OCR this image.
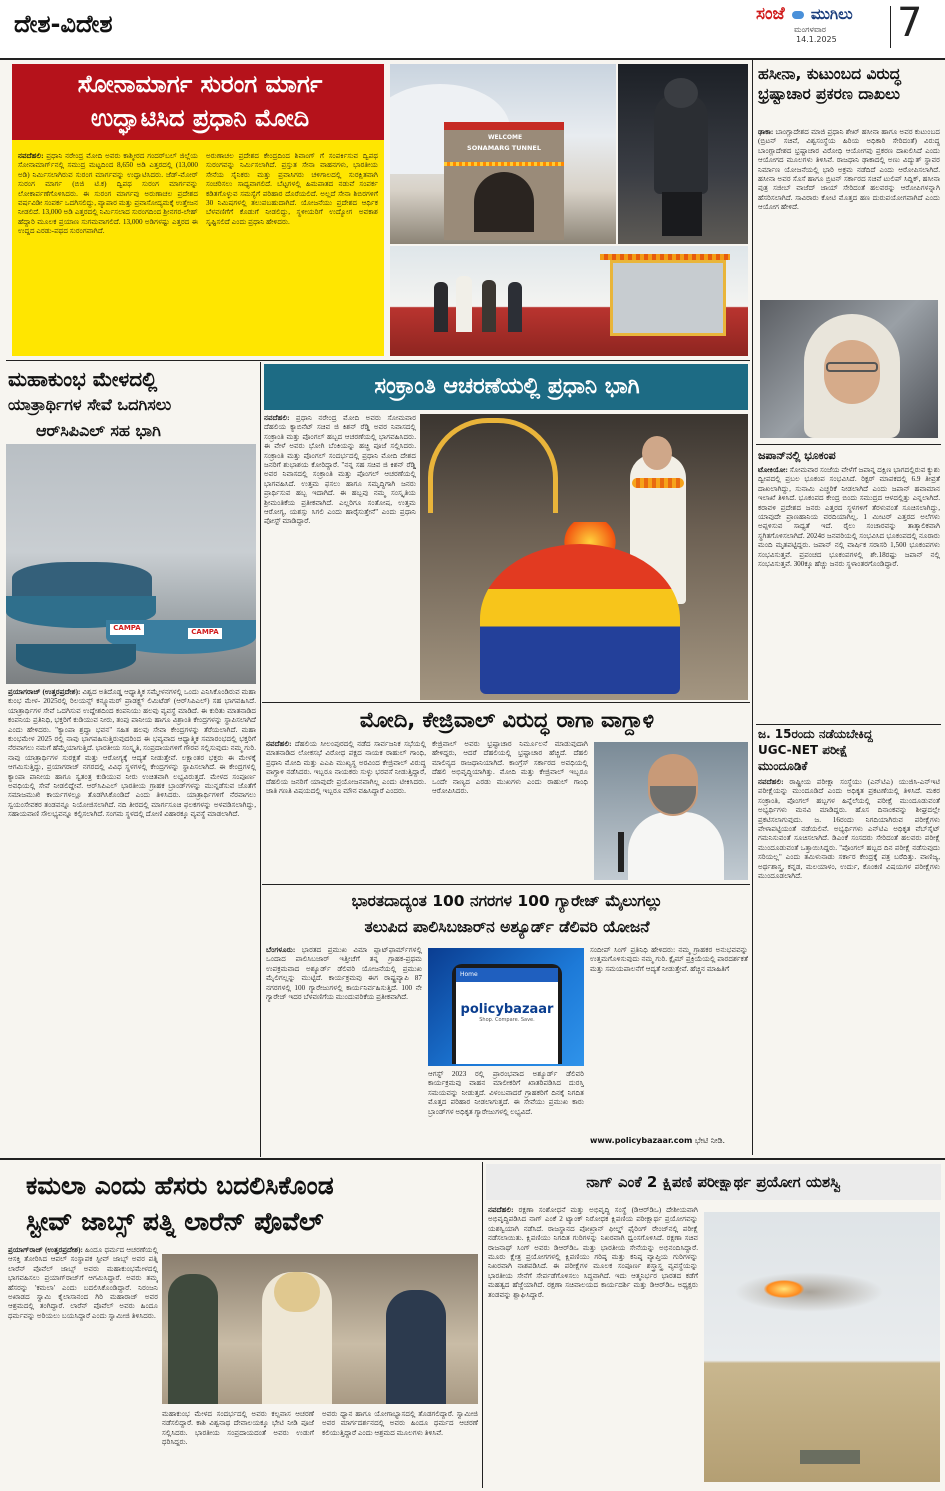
ದೇಶ-ವಿದೇಶ	ಸಂಜೆ ಮುಗಿಲು
ಮಂಗಳವಾರ
14.1.2025	7
ಸೋನಾಮಾರ್ಗ ಸುರಂಗ ಮಾರ್ಗ
ಉದ್ಘಾಟಿಸಿದ ಪ್ರಧಾನಿ ಮೋದಿ
ನವದೆಹಲಿ: ಪ್ರಧಾನಿ ನರೇಂದ್ರ ಮೋದಿ ಅವರು ಕಾಶ್ಮೀರದ ಗಂದರ್‌ಬಲ್ ಜಿಲ್ಲೆಯ ಸೋನಾಮಾರ್ಗ್‌ನಲ್ಲಿ ಸಮುದ್ರ ಮಟ್ಟದಿಂದ 8,650 ಅಡಿ ಎತ್ತರದಲ್ಲಿ (13,000 ಅಡಿ) ನಿರ್ಮಿಸಲಾಗಿರುವ ಸುರಂಗ ಮಾರ್ಗವನ್ನು ಉದ್ಘಾಟಿಸಿದರು. ಜೆಡ್-ಮೋರ್ ಸುರಂಗ ಮಾರ್ಗ (ಬಿಜಿ ಟಿ.ಕ) ದ್ವಿಪಥ ಸುರಂಗ ಮಾರ್ಗವನ್ನು ಲೋಕಾರ್ಪಣೆಗೊಳಿಸಿದರು. ಈ ಸುರಂಗ ಮಾರ್ಗವು ಅರುಣಾಚಲ ಪ್ರದೇಶದ ವರ್ಷವಿಡೀ ಸಂಪರ್ಕ ಒದಗಿಸಲಿದ್ದು, ವ್ಯಾಪಾರ ಮತ್ತು ಪ್ರವಾಸೋದ್ಯಮಕ್ಕೆ ಉತ್ತೇಜನ ನೀಡಲಿದೆ. 13,000 ಅಡಿ ಎತ್ತರದಲ್ಲಿ ನಿರ್ಮಿಸಲಾದ ಸುರಂಗದಿಂದ ಶ್ರೀನಗರ-ಲೇಹ್ ಹೆದ್ದಾರಿ ಮೂಲಕ ಪ್ರಯಾಣ ಸುಗಮವಾಗಲಿದೆ. 13,000 ಅಡಿಗಳಷ್ಟು ಎತ್ತರದ ಈ ಉದ್ದದ ಎರಡು-ಪಥದ ಸುರಂಗವಾಗಿದೆ.
ಅರುಣಾಚಲ ಪ್ರದೇಶದ ಕೇಂದ್ರದಿಂದ ಶಿವಾಂಗ್ ಗೆ ಸಂಪರ್ಕಿಸುವ ದ್ವಿಪಥ ಸುರಂಗವನ್ನು ನಿರ್ಮಿಸಲಾಗಿದೆ. ಪ್ರಸ್ತುತ ಸೇನಾ ವಾಹನಗಳು, ಭಾರತೀಯ ಸೇನೆಯ ಸೈನಿಕರು ಮತ್ತು ಪ್ರವಾಸಿಗರು ಚಳಿಗಾಲದಲ್ಲಿ ಸುರಕ್ಷಿತವಾಗಿ ಸಂಚರಿಸಲು ಸಾಧ್ಯವಾಗಲಿದೆ. ಬೆಟ್ಟಗಳಲ್ಲಿ ಹಿಮಪಾತದ ನಡುವೆ ಸಂಪರ್ಕ ಕಡಿತಗೊಳ್ಳುವ ಸಮಸ್ಯೆಗೆ ಪರಿಹಾರ ದೊರೆಯಲಿದೆ. ಅಲ್ಲದೆ ಸೇನಾ ಶಿಬಿರಗಳಿಗೆ 30 ನಿಮಿಷಗಳಲ್ಲಿ ತಲುಪಬಹುದಾಗಿದೆ. ಯೋಜನೆಯು ಪ್ರದೇಶದ ಆರ್ಥಿಕ ಬೆಳವಣಿಗೆಗೆ ಕೊಡುಗೆ ನೀಡಲಿದ್ದು, ಸ್ಥಳೀಯರಿಗೆ ಉದ್ಯೋಗ ಅವಕಾಶ ಸೃಷ್ಟಿಸಲಿದೆ ಎಂದು ಪ್ರಧಾನಿ ಹೇಳಿದರು.
WELCOME
SONAMARG TUNNEL
ಹಸೀನಾ, ಕುಟುಂಬದ ವಿರುದ್ಧ ಭ್ರಷ್ಟಾಚಾರ ಪ್ರಕರಣ ದಾಖಲು
ಢಾಕಾ: ಬಾಂಗ್ಲಾದೇಶದ ಮಾಜಿ ಪ್ರಧಾನಿ ಶೇಖ್ ಹಸೀನಾ ಹಾಗೂ ಅವರ ಕುಟುಂಬದ (ಬ್ರಿಟನ್ ಸಚಿವೆ, ವಿಶ್ವಸಂಸ್ಥೆಯ ಹಿರಿಯ ಅಧಿಕಾರಿ ಸೇರಿದಂತೆ) ವಿರುದ್ಧ ಬಾಂಗ್ಲಾದೇಶದ ಭ್ರಷ್ಟಾಚಾರ ವಿರೋಧಿ ಆಯೋಗವು ಪ್ರಕರಣ ದಾಖಲಿಸಿದೆ ಎಂದು ಆಯೋಗದ ಮೂಲಗಳು ತಿಳಿಸಿವೆ. ರಾಜಧಾನಿ ಢಾಕಾದಲ್ಲಿ ಅಣು ವಿದ್ಯುತ್ ಸ್ಥಾವರ ನಿರ್ಮಾಣ ಯೋಜನೆಯಲ್ಲಿ ಭಾರಿ ಅಕ್ರಮ ನಡೆದಿದೆ ಎಂದು ಆರೋಪಿಸಲಾಗಿದೆ. ಹಸೀನಾ ಅವರ ಸೊಸೆ ಹಾಗೂ ಬ್ರಿಟನ್ ಸರ್ಕಾರದ ಸಚಿವೆ ಟುಲಿಪ್ ಸಿದ್ದಿಕ್, ಹಸೀನಾ ಪುತ್ರ ಸಜೀಬ್ ವಾಜೆದ್ ಜಾಯ್ ಸೇರಿದಂತೆ ಹಲವರನ್ನು ಆರೋಪಿಗಳನ್ನಾಗಿ ಹೆಸರಿಸಲಾಗಿದೆ. ಸಾವಿರಾರು ಕೋಟಿ ಮೊತ್ತದ ಹಣ ದುರುಪಯೋಗವಾಗಿದೆ ಎಂದು ಆಯೋಗ ಹೇಳಿದೆ.
ಜಪಾನ್‌ನಲ್ಲಿ ಭೂಕಂಪ
ಟೋಕಿಯೋ: ಸೋಮವಾರ ಸಂಜೆಯ ವೇಳೆಗೆ ಜಪಾನ್ನ ದಕ್ಷಿಣ ಭಾಗದಲ್ಲಿರುವ ಕ್ಯುಶು ದ್ವೀಪದಲ್ಲಿ ಪ್ರಬಲ ಭೂಕಂಪ ಸಂಭವಿಸಿದೆ. ರಿಕ್ಟರ್ ಮಾಪಕದಲ್ಲಿ 6.9 ತೀವ್ರತೆ ದಾಖಲಾಗಿದ್ದು, ಸುನಾಮಿ ಎಚ್ಚರಿಕೆ ನೀಡಲಾಗಿದೆ ಎಂದು ಜಪಾನ್ ಹವಾಮಾನ ಇಲಾಖೆ ತಿಳಿಸಿದೆ. ಭೂಕಂಪದ ಕೇಂದ್ರ ಬಿಂದು ಸಮುದ್ರದ ಆಳದಲ್ಲಿತ್ತು ಎನ್ನಲಾಗಿದೆ. ಕರಾವಳಿ ಪ್ರದೇಶದ ಜನರು ಎತ್ತರದ ಸ್ಥಳಗಳಿಗೆ ತೆರಳುವಂತೆ ಸೂಚಿಸಲಾಗಿದ್ದು, ಯಾವುದೇ ಪ್ರಾಣಹಾನಿಯ ವರದಿಯಾಗಿಲ್ಲ. 1 ಮೀಟರ್ ಎತ್ತರದ ಅಲೆಗಳು ಅಪ್ಪಳಿಸುವ ಸಾಧ್ಯತೆ ಇದೆ. ರೈಲು ಸಂಚಾರವನ್ನು ತಾತ್ಕಾಲಿಕವಾಗಿ ಸ್ಥಗಿತಗೊಳಿಸಲಾಗಿದೆ. 2024ರ ಜನವರಿಯಲ್ಲಿ ಸಂಭವಿಸಿದ ಭೂಕಂಪದಲ್ಲಿ ನೂರಾರು ಮಂದಿ ಮೃತಪಟ್ಟಿದ್ದರು. ಜಪಾನ್ ನಲ್ಲಿ ವಾರ್ಷಿಕ ಸರಾಸರಿ 1,500 ಭೂಕಂಪಗಳು ಸಂಭವಿಸುತ್ತವೆ. ಪ್ರಪಂಚದ ಭೂಕಂಪಗಳಲ್ಲಿ ಶೇ.18ರಷ್ಟು ಜಪಾನ್ ನಲ್ಲಿ ಸಂಭವಿಸುತ್ತವೆ. 300ಕ್ಕೂ ಹೆಚ್ಚು ಜನರು ಸ್ಥಳಾಂತರಗೊಂಡಿದ್ದಾರೆ.
ಜ. 15ರಂದು ನಡೆಯಬೇಕಿದ್ದ
UGC-NET ಪರೀಕ್ಷೆ
ಮುಂದೂಡಿಕೆ
ನವದೆಹಲಿ: ರಾಷ್ಟ್ರೀಯ ಪರೀಕ್ಷಾ ಸಂಸ್ಥೆಯು (ಎನ್‌ಟಿಎ) ಯುಜಿಸಿ-ಎನ್‌ಇಟಿ ಪರೀಕ್ಷೆಯನ್ನು ಮುಂದೂಡಿದೆ ಎಂದು ಅಧಿಕೃತ ಪ್ರಕಟಣೆಯಲ್ಲಿ ತಿಳಿಸಿದೆ. ಮಕರ ಸಂಕ್ರಾಂತಿ, ಪೊಂಗಲ್ ಹಬ್ಬಗಳ ಹಿನ್ನೆಲೆಯಲ್ಲಿ ಪರೀಕ್ಷೆ ಮುಂದೂಡುವಂತೆ ಅಭ್ಯರ್ಥಿಗಳು ಮನವಿ ಮಾಡಿದ್ದರು. ಹೊಸ ದಿನಾಂಕವನ್ನು ಶೀಘ್ರದಲ್ಲೇ ಪ್ರಕಟಿಸಲಾಗುವುದು. ಜ. 16ರಂದು ನಿಗದಿಯಾಗಿರುವ ಪರೀಕ್ಷೆಗಳು ವೇಳಾಪಟ್ಟಿಯಂತೆ ನಡೆಯಲಿವೆ. ಅಭ್ಯರ್ಥಿಗಳು ಎನ್‌ಟಿಎ ಅಧಿಕೃತ ವೆಬ್‌ಸೈಟ್ ಗಮನಿಸುವಂತೆ ಸೂಚಿಸಲಾಗಿದೆ. ಡಿಎಂಕೆ ಸಂಸದರು ಸೇರಿದಂತೆ ಹಲವರು ಪರೀಕ್ಷೆ ಮುಂದೂಡುವಂತೆ ಒತ್ತಾಯಿಸಿದ್ದರು. "ಪೊಂಗಲ್ ಹಬ್ಬದ ದಿನ ಪರೀಕ್ಷೆ ನಡೆಸುವುದು ಸರಿಯಲ್ಲ" ಎಂದು ತಮಿಳುನಾಡು ಸರ್ಕಾರ ಕೇಂದ್ರಕ್ಕೆ ಪತ್ರ ಬರೆದಿತ್ತು. ವಾಣಿಜ್ಯ, ಅರ್ಥಶಾಸ್ತ್ರ, ಕನ್ನಡ, ಮಲಯಾಳಂ, ಉರ್ದು, ಕೊಂಕಣಿ ವಿಷಯಗಳ ಪರೀಕ್ಷೆಗಳು ಮುಂದೂಡಲಾಗಿದೆ.
ಮಹಾಕುಂಭ ಮೇಳದಲ್ಲಿ
ಯಾತ್ರಾರ್ಥಿಗಳ ಸೇವೆ ಒದಗಿಸಲು
ಆರ್‌ಸಿಪಿಎಲ್ ಸಹ ಭಾಗಿ
CAMPA	CAMPA
ಪ್ರಯಾಗರಾಜ್ (ಉತ್ತರಪ್ರದೇಶ): ವಿಶ್ವದ ಅತಿದೊಡ್ಡ ಆಧ್ಯಾತ್ಮಿಕ ಸಮ್ಮೇಳನಗಳಲ್ಲಿ ಒಂದು ಎನಿಸಿಕೊಂಡಿರುವ ಮಹಾ ಕುಂಭ ಮೇಳ- 2025ರಲ್ಲಿ ರಿಲಯನ್ಸ್ ಕನ್ಸ್ಯೂಮರ್ ಪ್ರಾಡಕ್ಟ್ಸ್ ಲಿಮಿಟೆಡ್ (ಆರ್‌ಸಿಪಿಎಲ್) ಸಹ ಭಾಗವಹಿಸಿದೆ. ಯಾತ್ರಾರ್ಥಿಗಳ ಸೇವೆ ಒದಗಿಸುವ ಉದ್ದೇಶದಿಂದ ಕಂಪನಿಯು ಹಲವು ವ್ಯವಸ್ಥೆ ಮಾಡಿದೆ. ಈ ಕುರಿತು ಮಾತನಾಡಿದ ಕಂಪನಿಯ ಪ್ರತಿನಿಧಿ, ಭಕ್ತರಿಗೆ ಕುಡಿಯುವ ನೀರು, ತಂಪು ಪಾನೀಯ ಹಾಗೂ ವಿಶ್ರಾಂತಿ ಕೇಂದ್ರಗಳನ್ನು ಸ್ಥಾಪಿಸಲಾಗಿದೆ ಎಂದು ಹೇಳಿದರು. "ಕ್ಯಾಂಪಾ ಶ್ರದ್ಧಾ ಭವನ" ಸಹಿತ ಹಲವು ಸೇವಾ ಕೇಂದ್ರಗಳನ್ನು ತೆರೆಯಲಾಗಿದೆ. ಮಹಾ ಕುಂಭಮೇಳ 2025 ರಲ್ಲಿ ನಾವು ಭಾಗವಹಿಸುತ್ತಿರುವುದರಿಂದ ಈ ಭವ್ಯವಾದ ಆಧ್ಯಾತ್ಮಿಕ ಸಮಾರಂಭದಲ್ಲಿ ಭಕ್ತರಿಗೆ ನೆರವಾಗಲು ನಮಗೆ ಹೆಮ್ಮೆಯಾಗುತ್ತಿದೆ. ಭಾರತೀಯ ಸಂಸ್ಕೃತಿ, ಸಂಪ್ರದಾಯಗಳಿಗೆ ಗೌರವ ಸಲ್ಲಿಸುವುದು ನಮ್ಮ ಗುರಿ. ನಾವು ಯಾತ್ರಾರ್ಥಿಗಳ ಸುರಕ್ಷತೆ ಮತ್ತು ಆರೋಗ್ಯಕ್ಕೆ ಆದ್ಯತೆ ನೀಡುತ್ತೇವೆ. ಲಕ್ಷಾಂತರ ಭಕ್ತರು ಈ ಮೇಳಕ್ಕೆ ಆಗಮಿಸುತ್ತಿದ್ದು, ಪ್ರಯಾಗರಾಜ್ ನಗರದಲ್ಲಿ ವಿವಿಧ ಸ್ಥಳಗಳಲ್ಲಿ ಕೇಂದ್ರಗಳನ್ನು ಸ್ಥಾಪಿಸಲಾಗಿದೆ. ಈ ಕೇಂದ್ರಗಳಲ್ಲಿ ಕ್ಯಾಂಪಾ ಪಾನೀಯ ಹಾಗೂ ಸ್ವತಂತ್ರ ಕುಡಿಯುವ ನೀರು ಉಚಿತವಾಗಿ ಲಭ್ಯವಿರುತ್ತದೆ. ಮೇಳದ ಸಂಪೂರ್ಣ ಅವಧಿಯಲ್ಲಿ ಸೇವೆ ನೀಡಲಿದ್ದೇವೆ. ಆರ್‌ಸಿಪಿಎಲ್ ಭಾರತೀಯ ಗ್ರಾಹಕ ಬ್ರಾಂಡ್‌ಗಳನ್ನು ಮುನ್ನಡೆಸುವ ಜೊತೆಗೆ ಸಮಾಜಮುಖಿ ಕಾರ್ಯಗಳಲ್ಲೂ ತೊಡಗಿಸಿಕೊಂಡಿದೆ ಎಂದು ತಿಳಿಸಿದರು. ಯಾತ್ರಾರ್ಥಿಗಳಿಗೆ ನೆರವಾಗಲು ಸ್ವಯಂಸೇವಕರ ತಂಡವನ್ನೂ ನಿಯೋಜಿಸಲಾಗಿದೆ. ನದಿ ತೀರದಲ್ಲಿ ಮಾರ್ಗಸೂಚಿ ಫಲಕಗಳನ್ನು ಅಳವಡಿಸಲಾಗಿದ್ದು, ಸಹಾಯವಾಣಿ ಸೌಲಭ್ಯವನ್ನೂ ಕಲ್ಪಿಸಲಾಗಿದೆ. ಸಂಗಮ ಸ್ಥಳದಲ್ಲಿ ದೋಣಿ ವಿಹಾರಕ್ಕೂ ವ್ಯವಸ್ಥೆ ಮಾಡಲಾಗಿದೆ.
ಸಂಕ್ರಾಂತಿ ಆಚರಣೆಯಲ್ಲಿ ಪ್ರಧಾನಿ ಭಾಗಿ
ನವದೆಹಲಿ: ಪ್ರಧಾನಿ ನರೇಂದ್ರ ಮೋದಿ ಅವರು ಸೋಮವಾರ ದೆಹಲಿಯ ಕ್ಯಾಬಿನೆಟ್ ಸಚಿವ ಜಿ ಕಿಶನ್ ರೆಡ್ಡಿ ಅವರ ನಿವಾಸದಲ್ಲಿ ಸಂಕ್ರಾಂತಿ ಮತ್ತು ಪೊಂಗಲ್ ಹಬ್ಬದ ಆಚರಣೆಯಲ್ಲಿ ಭಾಗವಹಿಸಿದರು. ಈ ವೇಳೆ ಅವರು ಭೋಗಿ ಬೆಂಕಿಯನ್ನು ಹಚ್ಚಿ ಪೂಜೆ ಸಲ್ಲಿಸಿದರು. ಸಂಕ್ರಾಂತಿ ಮತ್ತು ಪೊಂಗಲ್ ಸಂದರ್ಭದಲ್ಲಿ ಪ್ರಧಾನಿ ಮೋದಿ ದೇಶದ ಜನರಿಗೆ ಶುಭಾಶಯ ಕೋರಿದ್ದಾರೆ. "ನನ್ನ ಸಹ ಸಚಿವ ಜಿ ಕಿಶನ್ ರೆಡ್ಡಿ ಅವರ ನಿವಾಸದಲ್ಲಿ ಸಂಕ್ರಾಂತಿ ಮತ್ತು ಪೊಂಗಲ್ ಆಚರಣೆಯಲ್ಲಿ ಭಾಗವಹಿಸಿದೆ. ಉತ್ತಮ ಫಸಲು ಹಾಗೂ ಸಮೃದ್ಧಿಗಾಗಿ ಜನರು ಪ್ರಾರ್ಥಿಸುವ ಹಬ್ಬ ಇದಾಗಿದೆ. ಈ ಹಬ್ಬವು ನಮ್ಮ ಸಂಸ್ಕೃತಿಯ ಶ್ರೀಮಂತಿಕೆಯ ಪ್ರತೀಕವಾಗಿದೆ. ಎಲ್ಲರಿಗೂ ಸಂತೋಷ, ಉತ್ತಮ ಆರೋಗ್ಯ, ಯಶಸ್ಸು ಸಿಗಲಿ ಎಂದು ಹಾರೈಸುತ್ತೇನೆ" ಎಂದು ಪ್ರಧಾನಿ ಪೋಸ್ಟ್ ಮಾಡಿದ್ದಾರೆ.
ಮೋದಿ, ಕೇಜ್ರಿವಾಲ್ ವಿರುದ್ಧ ರಾಗಾ ವಾಗ್ದಾಳಿ
ನವದೆಹಲಿ: ದೆಹಲಿಯ ಸೀಲಂಪುರದಲ್ಲಿ ನಡೆದ ಸಾರ್ವಜನಿಕ ಸಭೆಯಲ್ಲಿ ಮಾತನಾಡಿದ ಲೋಕಸಭೆ ವಿರೋಧ ಪಕ್ಷದ ನಾಯಕ ರಾಹುಲ್ ಗಾಂಧಿ, ಪ್ರಧಾನಿ ಮೋದಿ ಮತ್ತು ಎಎಪಿ ಮುಖ್ಯಸ್ಥ ಅರವಿಂದ ಕೇಜ್ರಿವಾಲ್ ವಿರುದ್ಧ ವಾಗ್ದಾಳಿ ನಡೆಸಿದರು. ಇಬ್ಬರೂ ನಾಯಕರು ಸುಳ್ಳು ಭರವಸೆ ನೀಡುತ್ತಿದ್ದಾರೆ, ದೆಹಲಿಯ ಜನರಿಗೆ ಯಾವುದೇ ಪ್ರಯೋಜನವಾಗಿಲ್ಲ ಎಂದು ಟೀಕಿಸಿದರು. ಜಾತಿ ಗಣತಿ ವಿಷಯದಲ್ಲಿ ಇಬ್ಬರೂ ಮೌನ ವಹಿಸಿದ್ದಾರೆ ಎಂದರು.
ಕೇಜ್ರಿವಾಲ್ ಅವರು ಭ್ರಷ್ಟಾಚಾರ ನಿರ್ಮೂಲನೆ ಮಾಡುವುದಾಗಿ ಹೇಳಿದ್ದರು, ಆದರೆ ದೆಹಲಿಯಲ್ಲಿ ಭ್ರಷ್ಟಾಚಾರ ಹೆಚ್ಚಿದೆ. ದೆಹಲಿ ಮಾಲಿನ್ಯದ ರಾಜಧಾನಿಯಾಗಿದೆ. ಕಾಂಗ್ರೆಸ್ ಸರ್ಕಾರದ ಅವಧಿಯಲ್ಲಿ ದೆಹಲಿ ಅಭಿವೃದ್ಧಿಯಾಗಿತ್ತು. ಮೋದಿ ಮತ್ತು ಕೇಜ್ರಿವಾಲ್ ಇಬ್ಬರೂ ಒಂದೇ ನಾಣ್ಯದ ಎರಡು ಮುಖಗಳು ಎಂದು ರಾಹುಲ್ ಗಾಂಧಿ ಆರೋಪಿಸಿದರು.
ಭಾರತದಾದ್ಯಂತ 100 ನಗರಗಳ 100 ಗ್ಯಾರೇಜ್ ಮೈಲುಗಲ್ಲು
ತಲುಪಿದ ಪಾಲಿಸಿಬಜಾರ್‌ನ ಅಶ್ಯೂರ್ಡ್ ಡೆಲಿವರಿ ಯೋಜನೆ
ಬೆಂಗಳೂರು: ಭಾರತದ ಪ್ರಮುಖ ವಿಮಾ ಪ್ಲಾಟ್‌ಫಾರ್ಮ್‌ಗಳಲ್ಲಿ ಒಂದಾದ ಪಾಲಿಸಿಬಜಾರ್ ಇತ್ತೀಚೆಗೆ ತನ್ನ ಗ್ರಾಹಕ-ಪ್ರಥಮ ಉಪಕ್ರಮವಾದ ಅಶ್ಯೂರ್ಡ್ ಡೆಲಿವರಿ ಯೋಜನೆಯಲ್ಲಿ ಪ್ರಮುಖ ಮೈಲಿಗಲ್ಲನ್ನು ಮುಟ್ಟಿದೆ. ಕಾರ್ಯಕ್ರಮವು ಈಗ ರಾಷ್ಟ್ರವ್ಯಾಪಿ 87 ನಗರಗಳಲ್ಲಿ 100 ಗ್ಯಾರೇಜುಗಳಲ್ಲಿ ಕಾರ್ಯನಿರ್ವಹಿಸುತ್ತಿದೆ. 100 ನೇ ಗ್ಯಾರೇಜ್ ಇದರ ಬೆಳವಣಿಗೆಯ ಮುಂದುವರಿಕೆಯ ಪ್ರತೀಕವಾಗಿದೆ.
Home
policybazaar
Shop. Compare. Save.
ಆಗಸ್ಟ್ 2023 ರಲ್ಲಿ ಪ್ರಾರಂಭವಾದ ಅಶ್ಯೂರ್ಡ್ ಡೆಲಿವರಿ ಕಾರ್ಯಕ್ರಮವು ವಾಹನ ಮಾಲೀಕರಿಗೆ ಖಾತರಿಪಡಿಸಿದ ದುರಸ್ತಿ ಸಮಯವನ್ನು ನೀಡುತ್ತದೆ. ವಿಳಂಬವಾದರೆ ಗ್ರಾಹಕರಿಗೆ ದಿನಕ್ಕೆ ನಿಗದಿತ ಮೊತ್ತದ ಪರಿಹಾರ ನೀಡಲಾಗುತ್ತದೆ. ಈ ಸೇವೆಯು ಪ್ರಮುಖ ಕಾರು ಬ್ರಾಂಡ್‌ಗಳ ಅಧಿಕೃತ ಗ್ಯಾರೇಜುಗಳಲ್ಲಿ ಲಭ್ಯವಿದೆ.
ಸಂದೀಪ್ ಸಿಂಗ್ ಪ್ರತಿನಿಧಿ ಹೇಳಿದರು: ನಮ್ಮ ಗ್ರಾಹಕರ ಅನುಭವವನ್ನು ಉತ್ತಮಗೊಳಿಸುವುದು ನಮ್ಮ ಗುರಿ. ಕ್ಲೈಮ್ ಪ್ರಕ್ರಿಯೆಯಲ್ಲಿ ಪಾರದರ್ಶಕತೆ ಮತ್ತು ಸಮಯಪಾಲನೆಗೆ ಆದ್ಯತೆ ನೀಡುತ್ತೇವೆ. ಹೆಚ್ಚಿನ ಮಾಹಿತಿಗೆ
www.policybazaar.com ಭೇಟಿ ನೀಡಿ.
ಕಮಲಾ ಎಂದು ಹೆಸರು ಬದಲಿಸಿಕೊಂಡ
ಸ್ಟೀವ್ ಜಾಬ್ಸ್ ಪತ್ನಿ ಲಾರೆನ್ ಪೊವೆಲ್
ಪ್ರಯಾಗ್‌ರಾಜ್ (ಉತ್ತರಪ್ರದೇಶ): ಹಿಂದೂ ಧರ್ಮದ ಆಚರಣೆಯಲ್ಲಿ ಆಸಕ್ತಿ ತೋರಿಸಿದ ಆಪಲ್ ಸಂಸ್ಥಾಪಕ ಸ್ಟೀವ್ ಜಾಬ್ಸ್ ಅವರ ಪತ್ನಿ ಲಾರೆನ್ ಪೊವೆಲ್ ಜಾಬ್ಸ್ ಅವರು ಮಹಾಕುಂಭಮೇಳದಲ್ಲಿ ಭಾಗವಹಿಸಲು ಪ್ರಯಾಗ್‌ರಾಜ್‌ಗೆ ಆಗಮಿಸಿದ್ದಾರೆ. ಅವರು ತಮ್ಮ ಹೆಸರನ್ನು 'ಕಮಲಾ' ಎಂದು ಬದಲಿಸಿಕೊಂಡಿದ್ದಾರೆ. ನಿರಂಜನಿ ಅಖಾಡದ ಸ್ವಾಮಿ ಕೈಲಾಸಾನಂದ ಗಿರಿ ಮಹಾರಾಜ್ ಅವರ ಆಶ್ರಮದಲ್ಲಿ ತಂಗಿದ್ದಾರೆ. ಲಾರೆನ್ ಪೊವೆಲ್ ಅವರು ಹಿಂದೂ ಧರ್ಮವನ್ನು ಅರಿಯಲು ಬಯಸಿದ್ದಾರೆ ಎಂದು ಸ್ವಾಮೀಜಿ ತಿಳಿಸಿದರು.
ಮಹಾಕುಂಭ ಮೇಳದ ಸಂದರ್ಭದಲ್ಲಿ ಅವರು ಕಲ್ಪವಾಸ ಆಚರಣೆ ನಡೆಸಲಿದ್ದಾರೆ. ಕಾಶಿ ವಿಶ್ವನಾಥ ದೇವಾಲಯಕ್ಕೂ ಭೇಟಿ ನೀಡಿ ಪೂಜೆ ಸಲ್ಲಿಸಿದರು. ಭಾರತೀಯ ಸಂಪ್ರದಾಯದಂತೆ ಅವರು ಉಡುಗೆ ಧರಿಸಿದ್ದರು.
ಅವರು ಧ್ಯಾನ ಹಾಗೂ ಯೋಗಾಭ್ಯಾಸದಲ್ಲಿ ತೊಡಗಲಿದ್ದಾರೆ. ಸ್ವಾಮೀಜಿ ಅವರ ಮಾರ್ಗದರ್ಶನದಲ್ಲಿ ಅವರು ಹಿಂದೂ ಧರ್ಮದ ಆಚರಣೆ ಕಲಿಯುತ್ತಿದ್ದಾರೆ ಎಂದು ಆಶ್ರಮದ ಮೂಲಗಳು ತಿಳಿಸಿವೆ.
ನಾಗ್ ಎಂಕೆ 2 ಕ್ಷಿಪಣಿ ಪರೀಕ್ಷಾರ್ಥ ಪ್ರಯೋಗ ಯಶಸ್ವಿ
ನವದೆಹಲಿ: ರಕ್ಷಣಾ ಸಂಶೋಧನೆ ಮತ್ತು ಅಭಿವೃದ್ಧಿ ಸಂಸ್ಥೆ (ಡಿಆರ್‌ಡಿಒ) ದೇಶೀಯವಾಗಿ ಅಭಿವೃದ್ಧಿಪಡಿಸಿದ ನಾಗ್ ಎಂಕೆ 2 ಟ್ಯಾಂಕ್ ನಿರೋಧಕ ಕ್ಷಿಪಣಿಯ ಪರೀಕ್ಷಾರ್ಥ ಪ್ರಯೋಗವನ್ನು ಯಶಸ್ವಿಯಾಗಿ ನಡೆಸಿದೆ. ರಾಜಸ್ಥಾನದ ಪೋಖ್ರಾನ್ ಫೀಲ್ಡ್ ಫೈರಿಂಗ್ ರೇಂಜ್‌ನಲ್ಲಿ ಪರೀಕ್ಷೆ ನಡೆಸಲಾಯಿತು. ಕ್ಷಿಪಣಿಯು ನಿಗದಿತ ಗುರಿಗಳನ್ನು ನಿಖರವಾಗಿ ಧ್ವಂಸಗೊಳಿಸಿದೆ. ರಕ್ಷಣಾ ಸಚಿವ ರಾಜನಾಥ್ ಸಿಂಗ್ ಅವರು ಡಿಆರ್‌ಡಿಒ ಮತ್ತು ಭಾರತೀಯ ಸೇನೆಯನ್ನು ಅಭಿನಂದಿಸಿದ್ದಾರೆ. ಮೂರು ಕ್ಷೇತ್ರ ಪ್ರಯೋಗಗಳಲ್ಲಿ ಕ್ಷಿಪಣಿಯು ಗರಿಷ್ಠ ಮತ್ತು ಕನಿಷ್ಠ ವ್ಯಾಪ್ತಿಯ ಗುರಿಗಳನ್ನು ನಿಖರವಾಗಿ ನಾಶಪಡಿಸಿದೆ. ಈ ಪರೀಕ್ಷೆಗಳ ಮೂಲಕ ಸಂಪೂರ್ಣ ಶಸ್ತ್ರಾಸ್ತ್ರ ವ್ಯವಸ್ಥೆಯನ್ನು ಭಾರತೀಯ ಸೇನೆಗೆ ಸೇರ್ಪಡೆಗೊಳಿಸಲು ಸಿದ್ಧವಾಗಿದೆ. ಇದು ಆತ್ಮನಿರ್ಭರ ಭಾರತದ ಕಡೆಗೆ ಮಹತ್ವದ ಹೆಜ್ಜೆಯಾಗಿದೆ. ರಕ್ಷಣಾ ಸಚಿವಾಲಯದ ಕಾರ್ಯದರ್ಶಿ ಮತ್ತು ಡಿಆರ್‌ಡಿಒ ಅಧ್ಯಕ್ಷರು ತಂಡವನ್ನು ಶ್ಲಾಘಿಸಿದ್ದಾರೆ.
